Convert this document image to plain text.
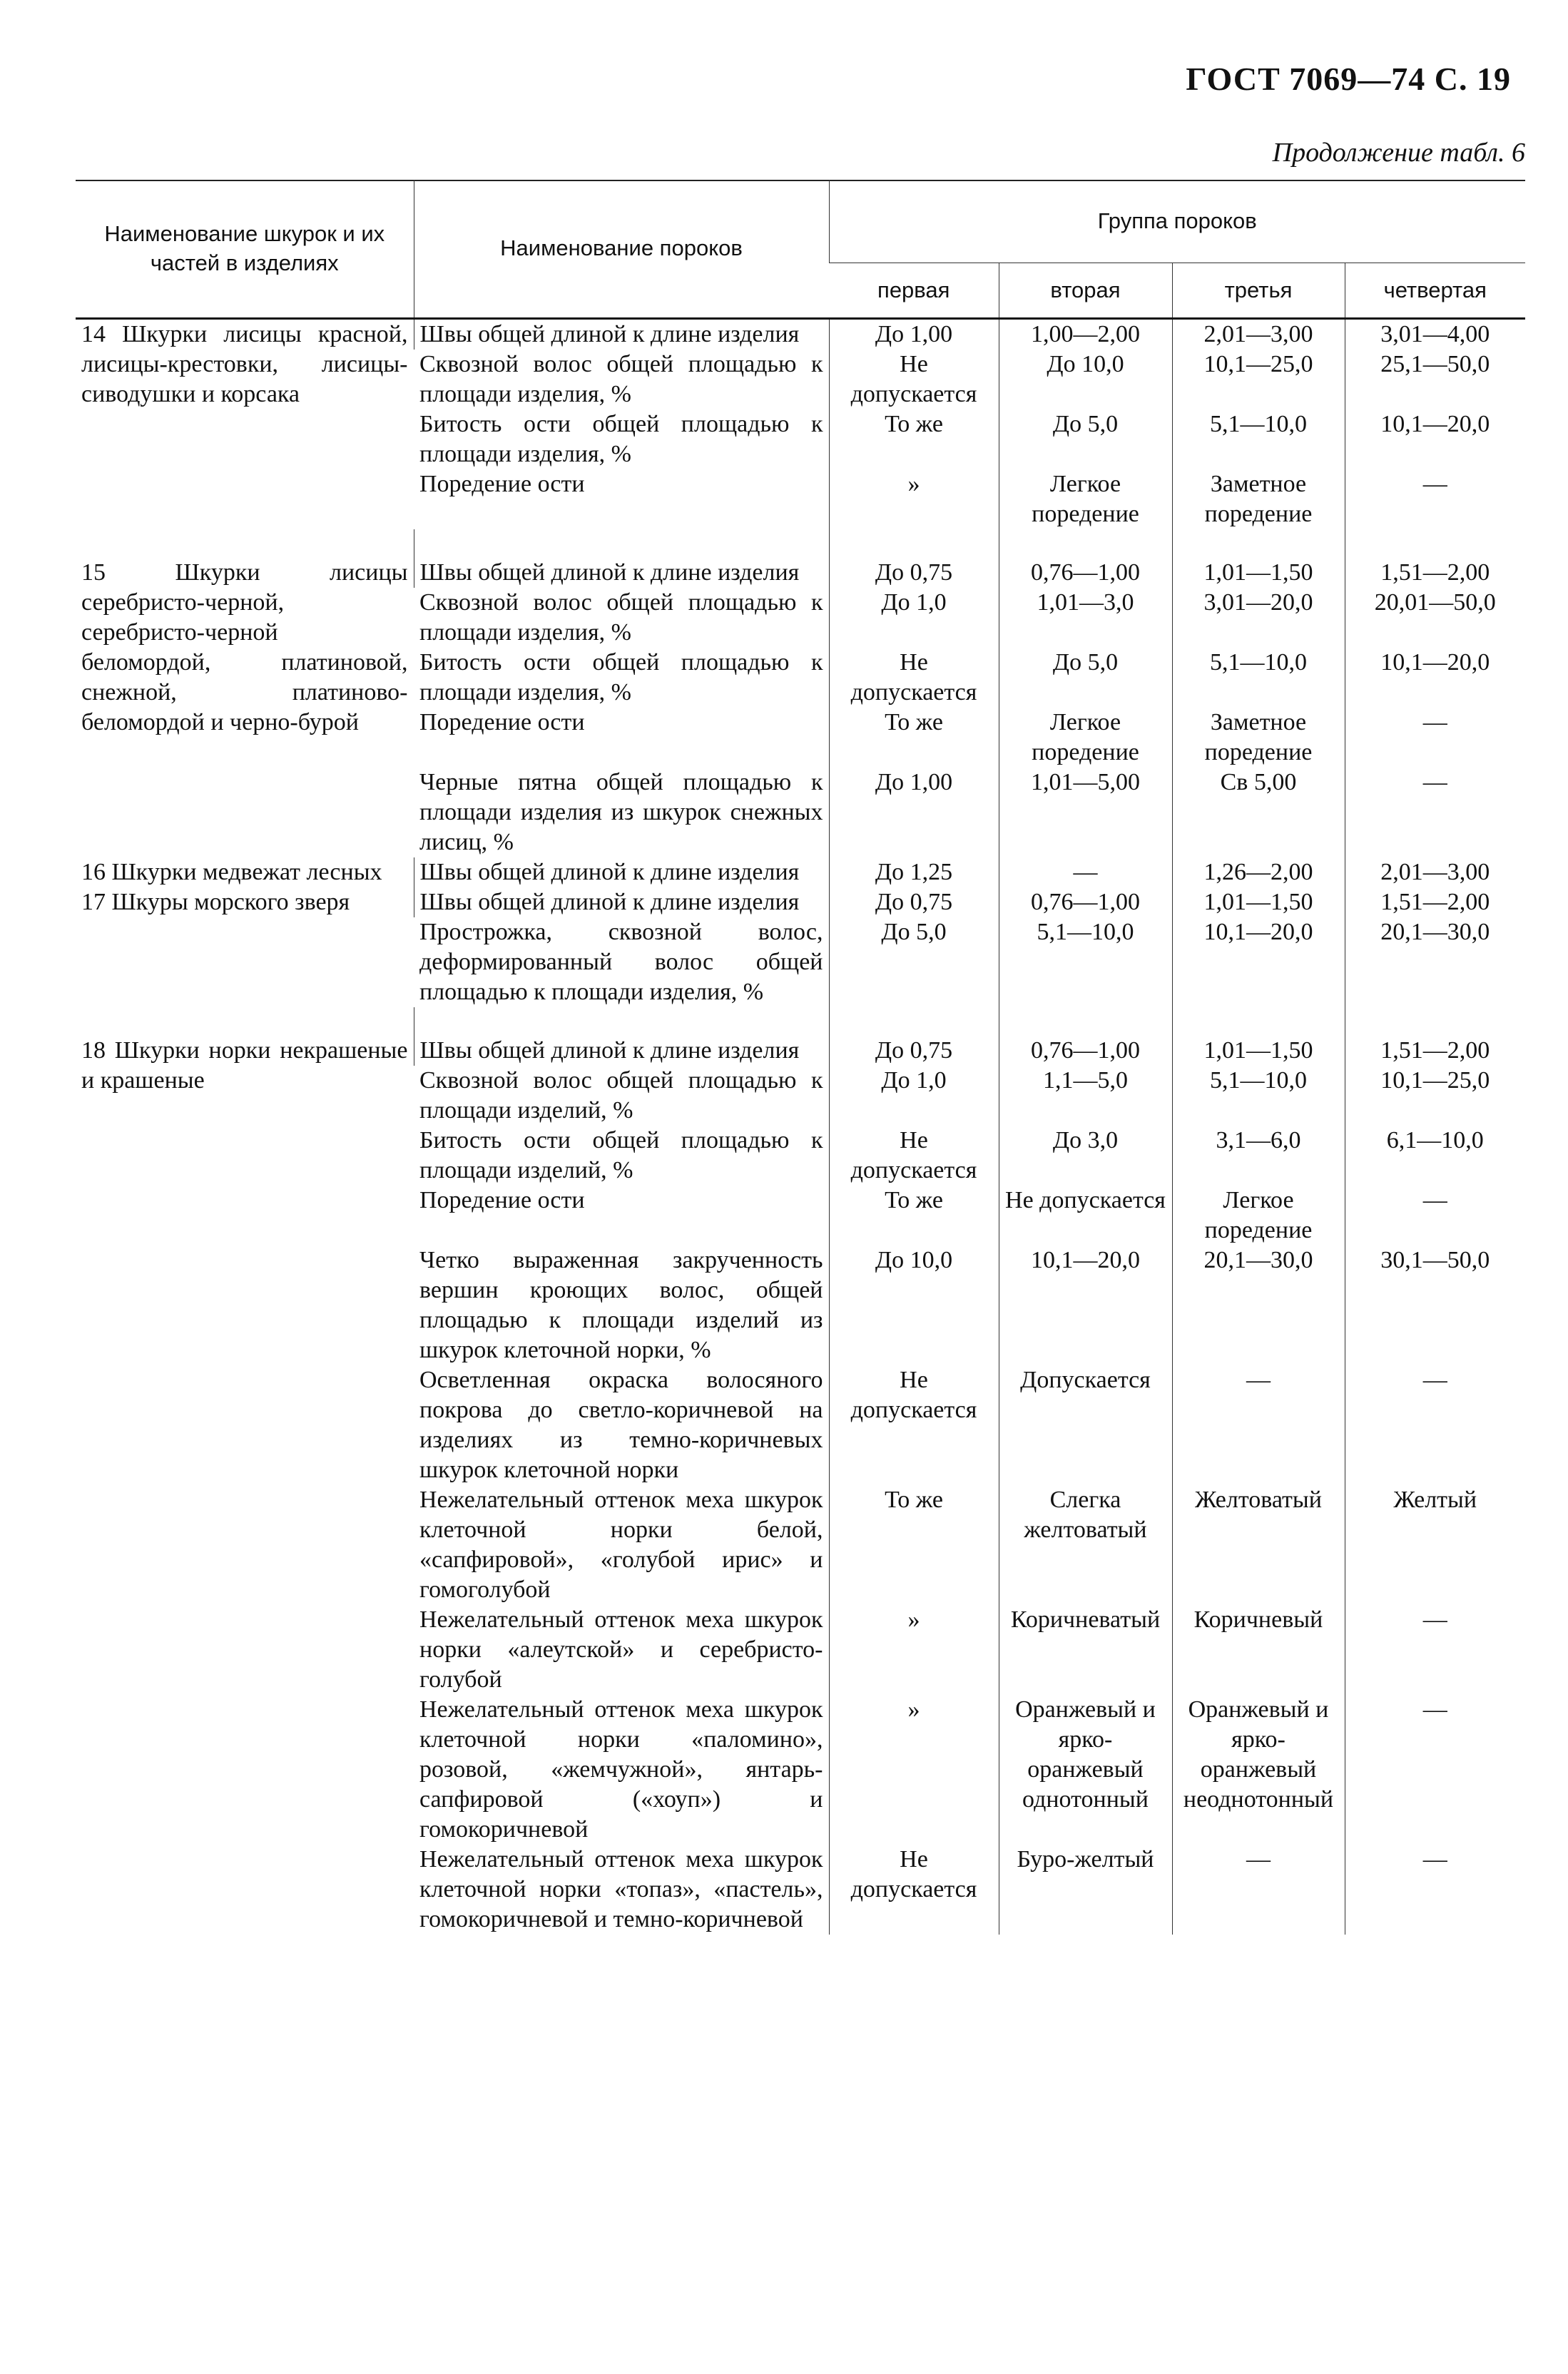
ГОСТ 7069—74 С. 19
Продолжение табл. 6
Наименование шкурок и их частей в изделиях	Наименование пороков	Группа пороков			
		первая	вторая	третья	четвертая
14 Шкурки лисицы красной, лисицы-крестовки, лисицы-сиводушки и корсака	Швы общей длиной к длине изделия	До 1,00	1,00—2,00	2,01—3,00	3,01—4,00
	Сквозной волос общей площадью к площади изделия, %	Не допускается	До 10,0	10,1—25,0	25,1—50,0
	Битость ости общей площадью к площади изделия, %	То же	До 5,0	5,1—10,0	10,1—20,0
	Поредение ости	»	Легкое поредение	Заметное поредение	—

15 Шкурки лисицы серебристо-черной, серебристо-черной беломордой, платиновой, снежной, платиново-беломордой и черно-бурой	Швы общей длиной к длине изделия	До 0,75	0,76—1,00	1,01—1,50	1,51—2,00
	Сквозной волос общей площадью к площади изделия, %	До 1,0	1,01—3,0	3,01—20,0	20,01—50,0
	Битость ости общей площадью к площади изделия, %	Не допускается	До 5,0	5,1—10,0	10,1—20,0
	Поредение ости	То же	Легкое поредение	Заметное поредение	—
	Черные пятна общей площадью к площади изделия из шкурок снежных лисиц, %	До 1,00	1,01—5,00	Св 5,00	—
16 Шкурки медвежат лесных	Швы общей длиной к длине изделия	До 1,25	—	1,26—2,00	2,01—3,00
17 Шкуры морского зверя	Швы общей длиной к длине изделия	До 0,75	0,76—1,00	1,01—1,50	1,51—2,00
	Прострожка, сквозной волос, деформированный волос общей площадью к площади изделия, %	До 5,0	5,1—10,0	10,1—20,0	20,1—30,0

18 Шкурки норки некрашеные и крашеные	Швы общей длиной к длине изделия	До 0,75	0,76—1,00	1,01—1,50	1,51—2,00
	Сквозной волос общей площадью к площади изделий, %	До 1,0	1,1—5,0	5,1—10,0	10,1—25,0
	Битость ости общей площадью к площади изделий, %	Не допускается	До 3,0	3,1—6,0	6,1—10,0
	Поредение ости	То же	Не допускается	Легкое поредение	—
	Четко выраженная закрученность вершин кроющих волос, общей площадью к площади изделий из шкурок клеточной норки, %	До 10,0	10,1—20,0	20,1—30,0	30,1—50,0
	Осветленная окраска волосяного покрова до светло-коричневой на изделиях из темно-коричневых шкурок клеточной норки	Не допускается	Допускается	—	—
	Нежелательный оттенок меха шкурок клеточной норки белой, «сапфировой», «голубой ирис» и гомоголубой	То же	Слегка желтоватый	Желтоватый	Желтый
	Нежелательный оттенок меха шкурок норки «алеутской» и серебристо-голубой	»	Коричневатый	Коричневый	—
	Нежелательный оттенок меха шкурок клеточной норки «паломино», розовой, «жемчужной», янтарь-сапфировой («хоуп») и гомокоричневой	»	Оранжевый и ярко-оранжевый однотонный	Оранжевый и ярко-оранжевый неоднотонный	—
	Нежелательный оттенок меха шкурок клеточной норки «топаз», «пастель», гомокоричневой и темно-коричневой	Не допускается	Буро-желтый	—	—
